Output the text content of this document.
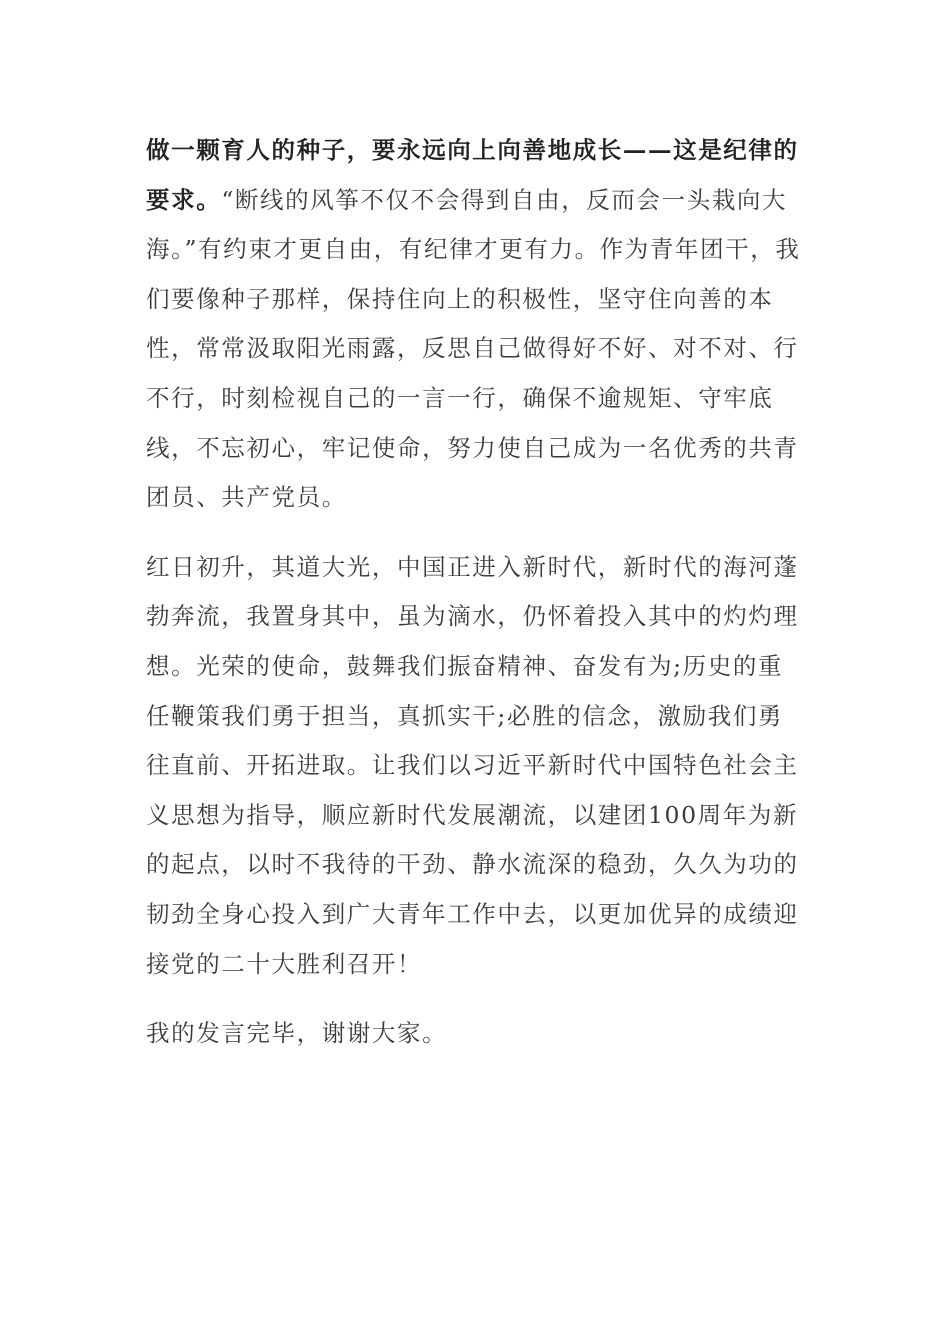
做一颗育人的种子，要永远向上向善地成长——这是纪律的要求。“断线的风筝不仅不会得到自由，反而会一头栽向大海。”有约束才更自由，有纪律才更有力。作为青年团干，我们要像种子那样，保持住向上的积极性，坚守住向善的本性，常常汲取阳光雨露，反思自己做得好不好、对不对、行不行，时刻检视自己的一言一行，确保不逾规矩、守牢底线，不忘初心，牢记使命，努力使自己成为一名优秀的共青团员、共产党员。

红日初升，其道大光，中国正进入新时代，新时代的海河蓬勃奔流，我置身其中，虽为滴水，仍怀着投入其中的灼灼理想。光荣的使命，鼓舞我们振奋精神、奋发有为;历史的重任鞭策我们勇于担当，真抓实干;必胜的信念，激励我们勇往直前、开拓进取。让我们以习近平新时代中国特色社会主义思想为指导，顺应新时代发展潮流，以建团100周年为新的起点，以时不我待的干劲、静水流深的稳劲，久久为功的韧劲全身心投入到广大青年工作中去，以更加优异的成绩迎接党的二十大胜利召开！

我的发言完毕，谢谢大家。
